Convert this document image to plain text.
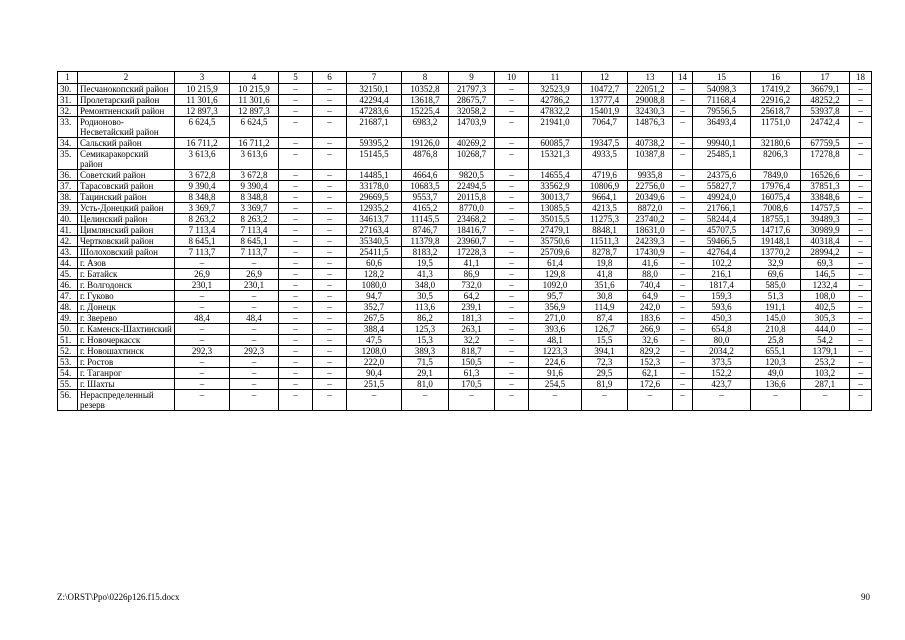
1	2	3	4	5	6	7	8	9	10	11	12	13	14	15	16	17	18
30.	Песчанокопский район	10 215,9	10 215,9	–	–	32150,1	10352,8	21797,3	–	32523,9	10472,7	22051,2	–	54098,3	17419,2	36679,1	–
31.	Пролетарский район	11 301,6	11 301,6	–	–	42294,4	13618,7	28675,7	–	42786,2	13777,4	29008,8	–	71168,4	22916,2	48252,2	–
32.	Ремонтненский район	12 897,3	12 897,3	–	–	47283,6	15225,4	32058,2	–	47832,2	15401,9	32430,3	–	79556,5	25618,7	53937,8	–
33.	Родионово-Несветайский район	6 624,5	6 624,5	–	–	21687,1	6983,2	14703,9	–	21941,0	7064,7	14876,3	–	36493,4	11751,0	24742,4	–
34.	Сальский район	16 711,2	16 711,2	–	–	59395,2	19126,0	40269,2	–	60085,7	19347,5	40738,2	–	99940,1	32180,6	67759,5	–
35.	Семикаракорский район	3 613,6	3 613,6	–	–	15145,5	4876,8	10268,7	–	15321,3	4933,5	10387,8	–	25485,1	8206,3	17278,8	–
36.	Советский район	3 672,8	3 672,8	–	–	14485,1	4664,6	9820,5	–	14655,4	4719,6	9935,8	–	24375,6	7849,0	16526,6	–
37.	Тарасовский район	9 390,4	9 390,4	–	–	33178,0	10683,5	22494,5	–	33562,9	10806,9	22756,0	–	55827,7	17976,4	37851,3	–
38.	Тацинский район	8 348,8	8 348,8	–	–	29669,5	9553,7	20115,8	–	30013,7	9664,1	20349,6	–	49924,0	16075,4	33848,6	–
39.	Усть-Донецкий район	3 369,7	3 369,7	–	–	12935,2	4165,2	8770,0	–	13085,5	4213,5	8872,0	–	21766,1	7008,6	14757,5	–
40.	Целинский район	8 263,2	8 263,2	–	–	34613,7	11145,5	23468,2	–	35015,5	11275,3	23740,2	–	58244,4	18755,1	39489,3	–
41.	Цимлянский район	7 113,4	7 113,4	–	–	27163,4	8746,7	18416,7	–	27479,1	8848,1	18631,0	–	45707,5	14717,6	30989,9	–
42.	Чертковский район	8 645,1	8 645,1	–	–	35340,5	11379,8	23960,7	–	35750,6	11511,3	24239,3	–	59466,5	19148,1	40318,4	–
43.	Шолоховский район	7 113,7	7 113,7	–	–	25411,5	8183,2	17228,3	–	25709,6	8278,7	17430,9	–	42764,4	13770,2	28994,2	–
44.	г. Азов	–	–	–	–	60,6	19,5	41,1	–	61,4	19,8	41,6	–	102,2	32,9	69,3	–
45.	г. Батайск	26,9	26,9	–	–	128,2	41,3	86,9	–	129,8	41,8	88,0	–	216,1	69,6	146,5	–
46.	г. Волгодонск	230,1	230,1	–	–	1080,0	348,0	732,0	–	1092,0	351,6	740,4	–	1817,4	585,0	1232,4	–
47.	г. Гуково	–	–	–	–	94,7	30,5	64,2	–	95,7	30,8	64,9	–	159,3	51,3	108,0	–
48.	г. Донецк	–	–	–	–	352,7	113,6	239,1	–	356,9	114,9	242,0	–	593,6	191,1	402,5	–
49.	г. Зверево	48,4	48,4	–	–	267,5	86,2	181,3	–	271,0	87,4	183,6	–	450,3	145,0	305,3	–
50.	г. Каменск-Шахтинский	–	–	–	–	388,4	125,3	263,1	–	393,6	126,7	266,9	–	654,8	210,8	444,0	–
51.	г. Новочеркасск	–	–	–	–	47,5	15,3	32,2	–	48,1	15,5	32,6	–	80,0	25,8	54,2	–
52.	г. Новошахтинск	292,3	292,3	–	–	1208,0	389,3	818,7	–	1223,3	394,1	829,2	–	2034,2	655,1	1379,1	–
53.	г. Ростов	–	–	–	–	222,0	71,5	150,5	–	224,6	72,3	152,3	–	373,5	120,3	253,2	–
54.	г. Таганрог	–	–	–	–	90,4	29,1	61,3	–	91,6	29,5	62,1	–	152,2	49,0	103,2	–
55.	г. Шахты	–	–	–	–	251,5	81,0	170,5	–	254,5	81,9	172,6	–	423,7	136,6	287,1	–
56.	Нераспределенный резерв	–	–	–	–	–	–	–	–	–	–	–	–	–	–	–	–
Z:\ORST\Ppo\0226p126.f15.docx	90
